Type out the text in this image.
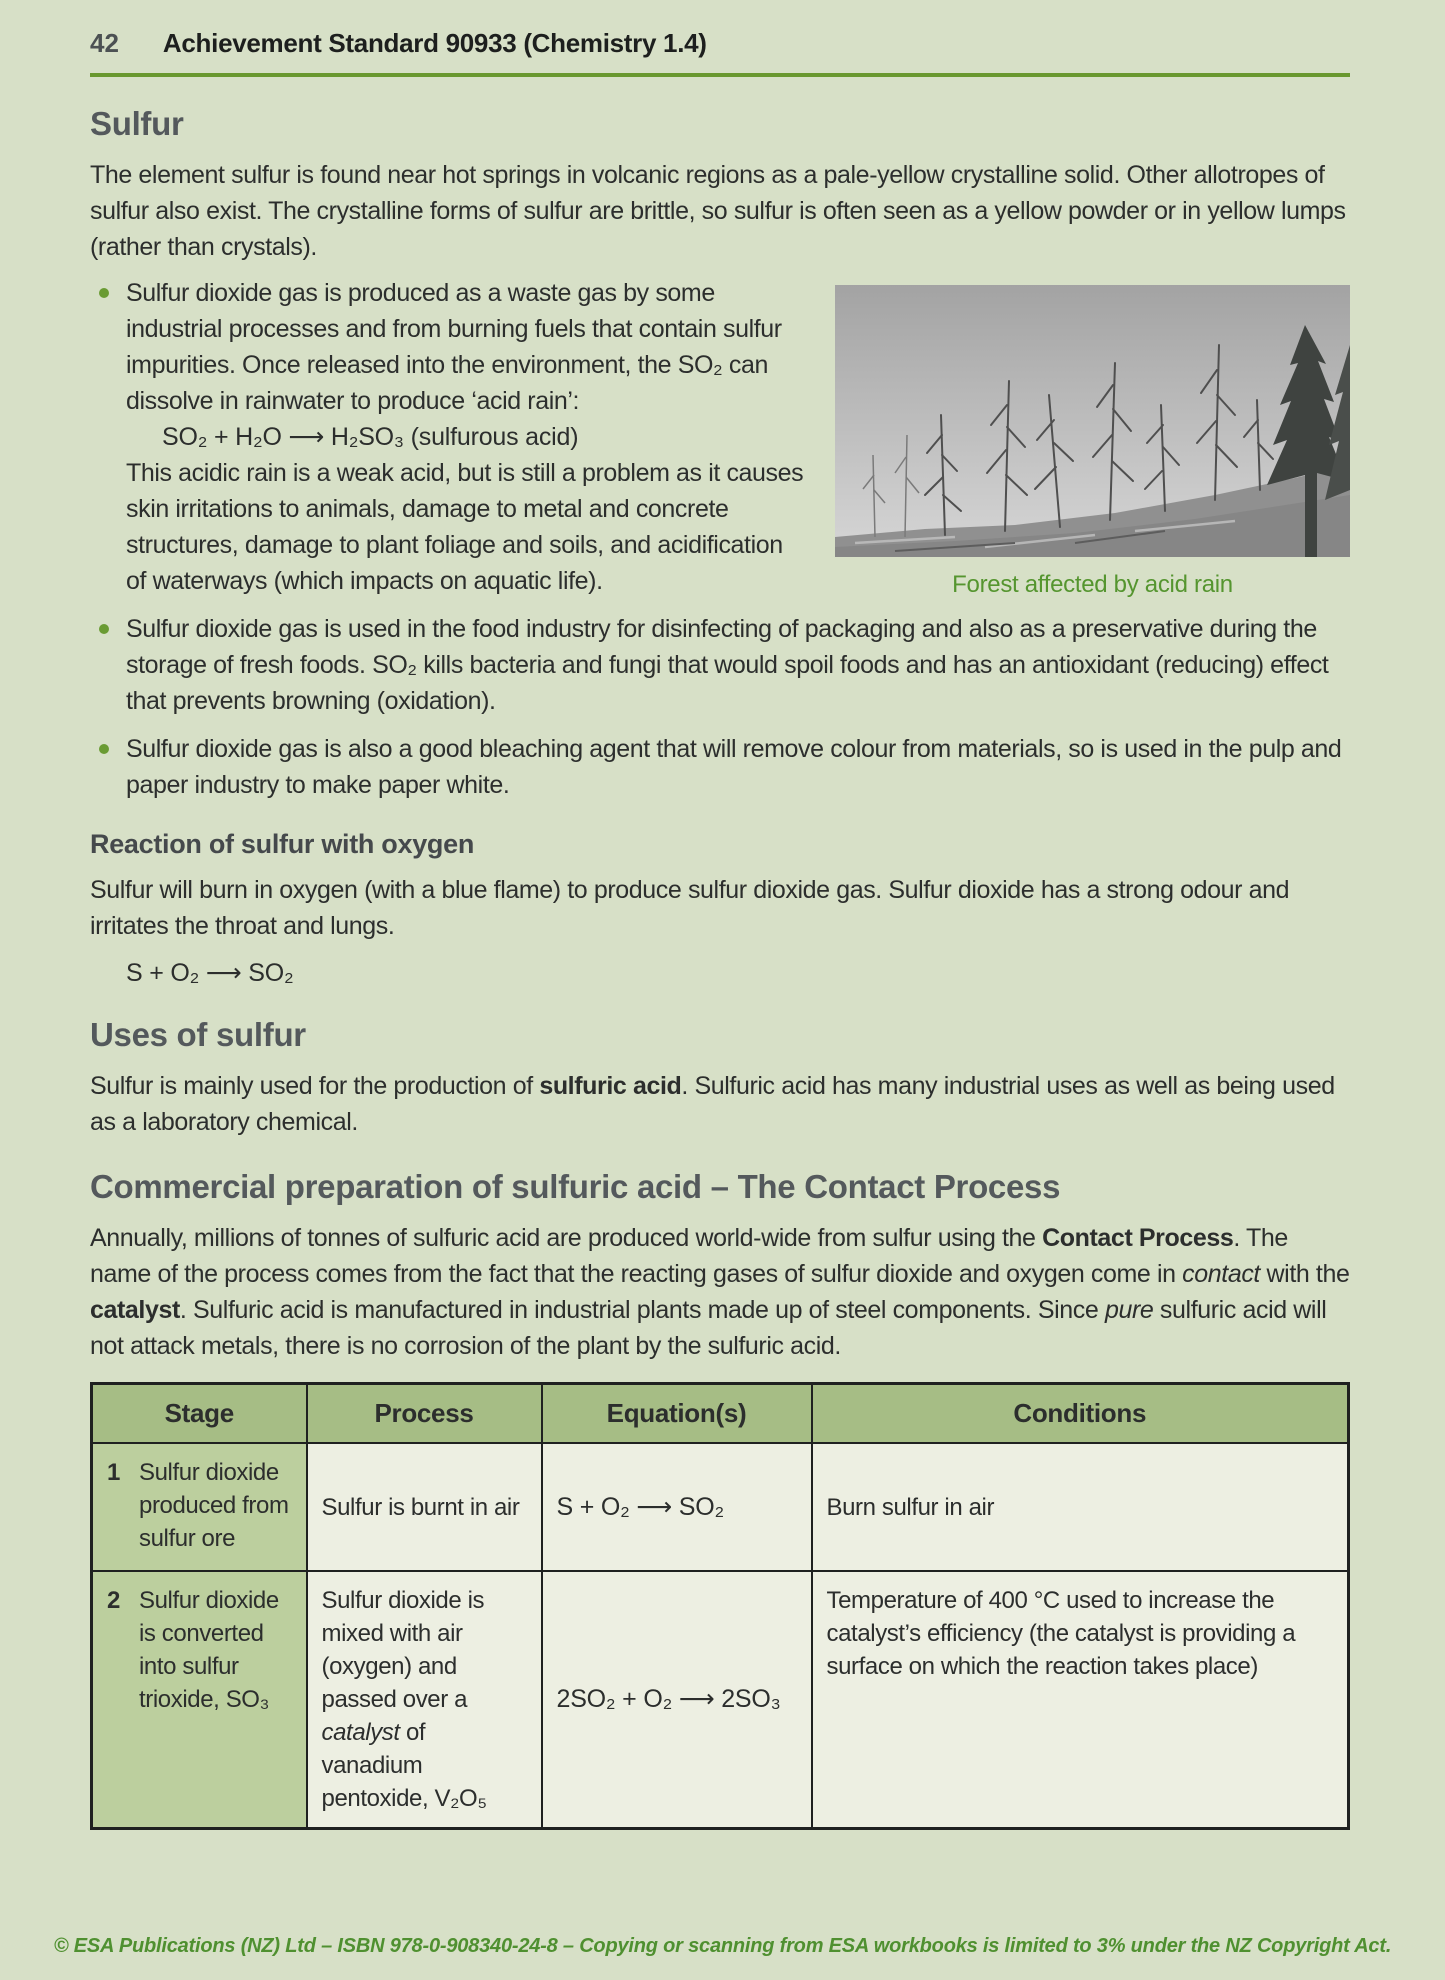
42 Achievement Standard 90933 (Chemistry 1.4)
Sulfur

The element sulfur is found near hot springs in volcanic regions as a pale-yellow crystalline solid. Other allotropes of sulfur also exist. The crystalline forms of sulfur are brittle, so sulfur is often seen as a yellow powder or in yellow lumps (rather than crystals).

Forest affected by acid rain
Sulfur dioxide gas is produced as a waste gas by some industrial processes and from burning fuels that contain sulfur impurities. Once released into the environment, the SO₂ can dissolve in rainwater to produce ‘acid rain’:
SO₂ + H₂O ⟶ H₂SO₃ (sulfurous acid)
This acidic rain is a weak acid, but is still a problem as it causes skin irritations to animals, damage to metal and concrete structures, damage to plant foliage and soils, and acidification of waterways (which impacts on aquatic life).
Sulfur dioxide gas is used in the food industry for disinfecting of packaging and also as a preservative during the storage of fresh foods. SO₂ kills bacteria and fungi that would spoil foods and has an antioxidant (reducing) effect that prevents browning (oxidation).
Sulfur dioxide gas is also a good bleaching agent that will remove colour from materials, so is used in the pulp and paper industry to make paper white.
Reaction of sulfur with oxygen

Sulfur will burn in oxygen (with a blue flame) to produce sulfur dioxide gas. Sulfur dioxide has a strong odour and irritates the throat and lungs.

S + O₂ ⟶ SO₂
Uses of sulfur

Sulfur is mainly used for the production of sulfuric acid. Sulfuric acid has many industrial uses as well as being used as a laboratory chemical.

Commercial preparation of sulfuric acid – The Contact Process

Annually, millions of tonnes of sulfuric acid are produced world-wide from sulfur using the Contact Process. The name of the process comes from the fact that the reacting gases of sulfur dioxide and oxygen come in contact with the catalyst. Sulfuric acid is manufactured in industrial plants made up of steel components. Since pure sulfuric acid will not attack metals, there is no corrosion of the plant by the sulfuric acid.

Stage	Process	Equation(s)	Conditions

1 Sulfur dioxide produced from sulfur ore	Sulfur is burnt in air	S + O₂ ⟶ SO₂	Burn sulfur in air

2 Sulfur dioxide is converted into sulfur trioxide, SO₃	Sulfur dioxide is mixed with air (oxygen) and passed over a catalyst of vanadium pentoxide, V₂O₅	2SO₂ + O₂ ⟶ 2SO₃	Temperature of 400 °C used to increase the catalyst’s efficiency (the catalyst is providing a surface on which the reaction takes place)
© ESA Publications (NZ) Ltd – ISBN 978-0-908340-24-8 – Copying or scanning from ESA workbooks is limited to 3% under the NZ Copyright Act.
